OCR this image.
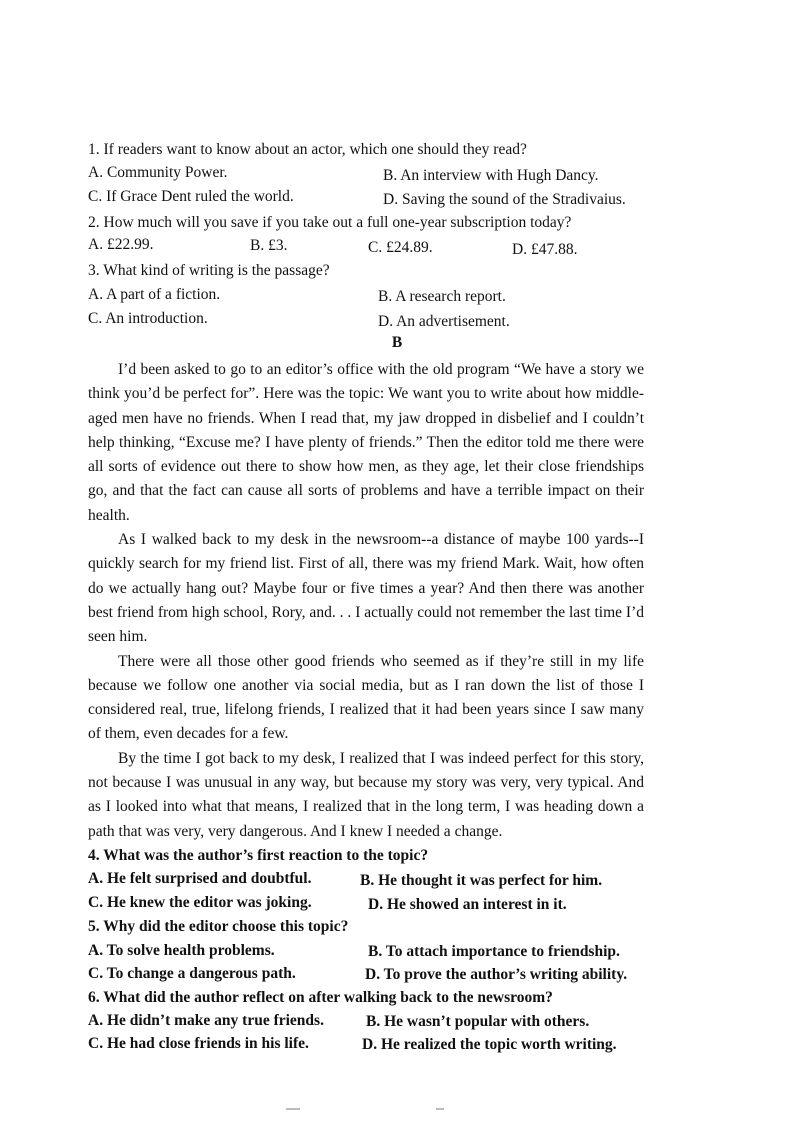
1. If readers want to know about an actor, which one should they read?
A. Community Power.	B. An interview with Hugh Dancy.
C. If Grace Dent ruled the world.	D. Saving the sound of the Stradivaius.
2. How much will you save if you take out a full one-year subscription today?
A. £22.99.	B. £3.	C. £24.89.	D. £47.88.
3. What kind of writing is the passage?
A. A part of a fiction.	B. A research report.
C. An introduction.	D. An advertisement.
B

I’d been asked to go to an editor’s office with the old program “We have a story we think you’d be perfect for”. Here was the topic: We want you to write about how middle-aged men have no friends. When I read that, my jaw dropped in disbelief and I couldn’t help thinking, “Excuse me? I have plenty of friends.” Then the editor told me there were all sorts of evidence out there to show how men, as they age, let their close friendships go, and that the fact can cause all sorts of problems and have a terrible impact on their health.

As I walked back to my desk in the newsroom--a distance of maybe 100 yards--I quickly search for my friend list. First of all, there was my friend Mark. Wait, how often do we actually hang out? Maybe four or five times a year? And then there was another best friend from high school, Rory, and. . . I actually could not remember the last time I’d seen him.

There were all those other good friends who seemed as if they’re still in my life because we follow one another via social media, but as I ran down the list of those I considered real, true, lifelong friends, I realized that it had been years since I saw many of them, even decades for a few.

By the time I got back to my desk, I realized that I was indeed perfect for this story, not because I was unusual in any way, but because my story was very, very typical. And as I looked into what that means, I realized that in the long term, I was heading down a path that was very, very dangerous. And I knew I needed a change.

4. What was the author’s first reaction to the topic?
A. He felt surprised and doubtful.	B. He thought it was perfect for him.
C. He knew the editor was joking.	D. He showed an interest in it.
5. Why did the editor choose this topic?
A. To solve health problems.	B. To attach importance to friendship.
C. To change a dangerous path.	D. To prove the author’s writing ability.
6. What did the author reflect on after walking back to the newsroom?
A. He didn’t make any true friends.	B. He wasn’t popular with others.
C. He had close friends in his life.	D. He realized the topic worth writing.
